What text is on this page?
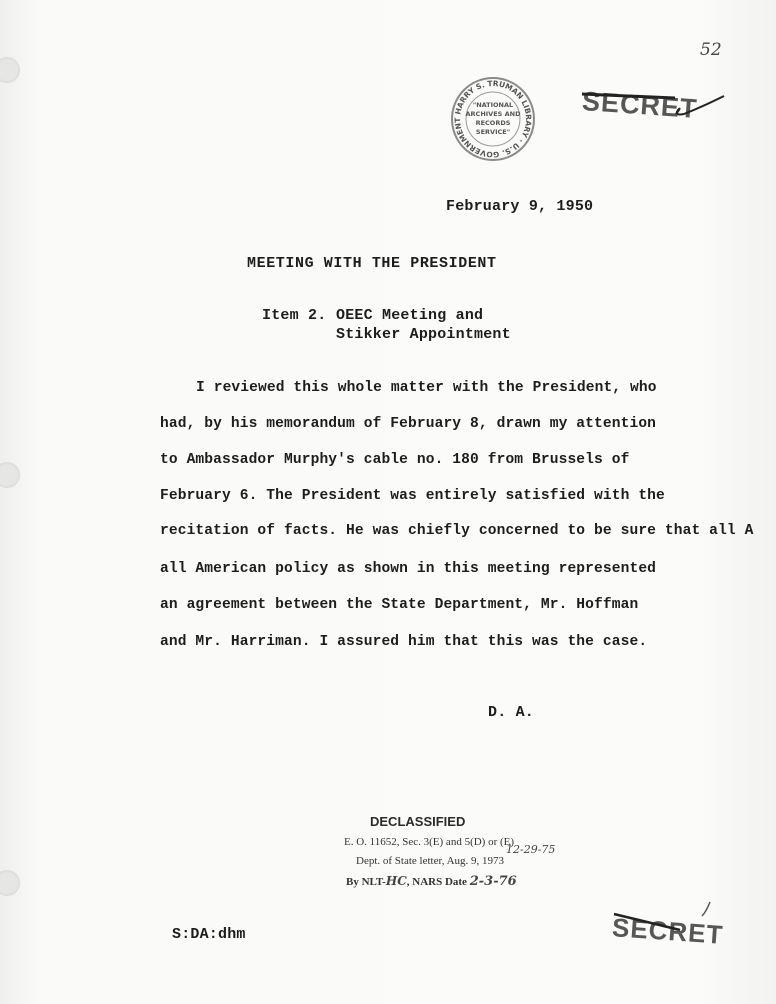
52
HARRY S. TRUMAN LIBRARY · U.S. GOVERNMENT
"NATIONAL
ARCHIVES AND
RECORDS
SERVICE"
SECRET
February 9, 1950
MEETING WITH THE PRESIDENT
Item 2. OEEC Meeting and
Stikker Appointment
I reviewed this whole matter with the President, who
had, by his memorandum of February 8, drawn my attention
to Ambassador Murphy's cable no. 180 from Brussels of
February 6. The President was entirely satisfied with the
recitation of facts. He was chiefly concerned to be sure that all A
all American policy as shown in this meeting represented
an agreement between the State Department, Mr. Hoffman
and Mr. Harriman. I assured him that this was the case.
D. A.
DECLASSIFIED
E. O. 11652, Sec. 3(E) and 5(D) or (E)
12-29-75
Dept. of State letter, Aug. 9, 1973
By NLT-HC, NARS Date 2-3-76
S:DA:dhm	SECRET
